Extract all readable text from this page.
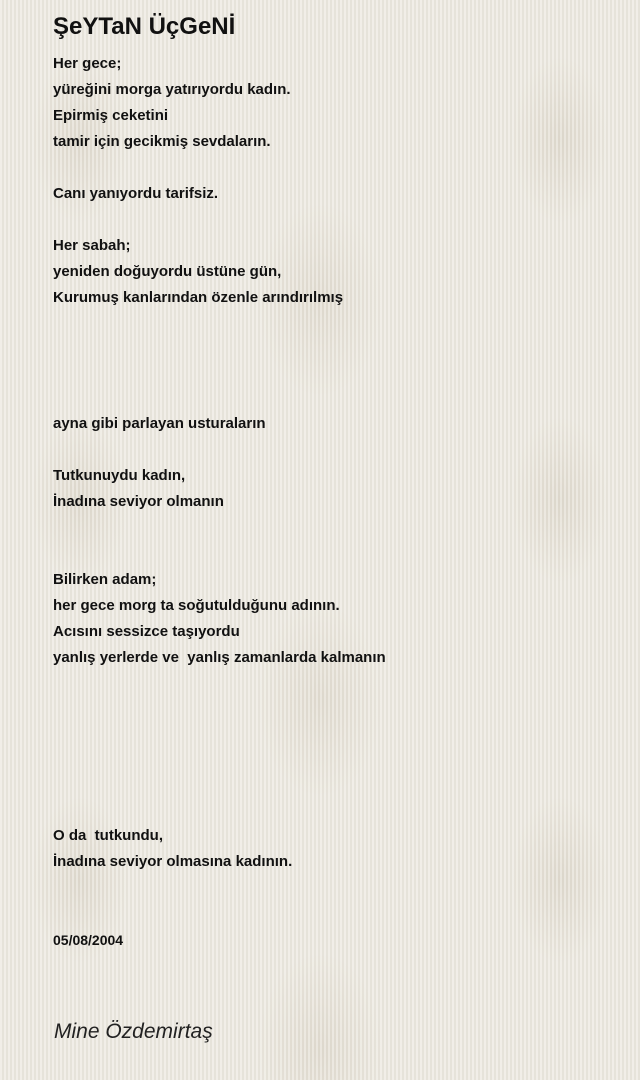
ŞeYTaN ÜçGeNİ
Her gece;
yüreğini morga yatırıyordu kadın.
Epirmiş ceketini
tamir için gecikmiş sevdaların.
Canı yanıyordu tarifsiz.
Her sabah;
yeniden doğuyordu üstüne gün,
Kurumuş kanlarından özenle arındırılmış
ayna gibi parlayan usturaların
Tutkunuydu kadın,
İnadına seviyor olmanın
Bilirken adam;
her gece morg ta soğutulduğunu adının.
Acısını sessizce taşıyordu
yanlış yerlerde ve  yanlış zamanlarda kalmanın
O da  tutkundu,
İnadına seviyor olmasına kadının.
05/08/2004
Mine Özdemirtaş
